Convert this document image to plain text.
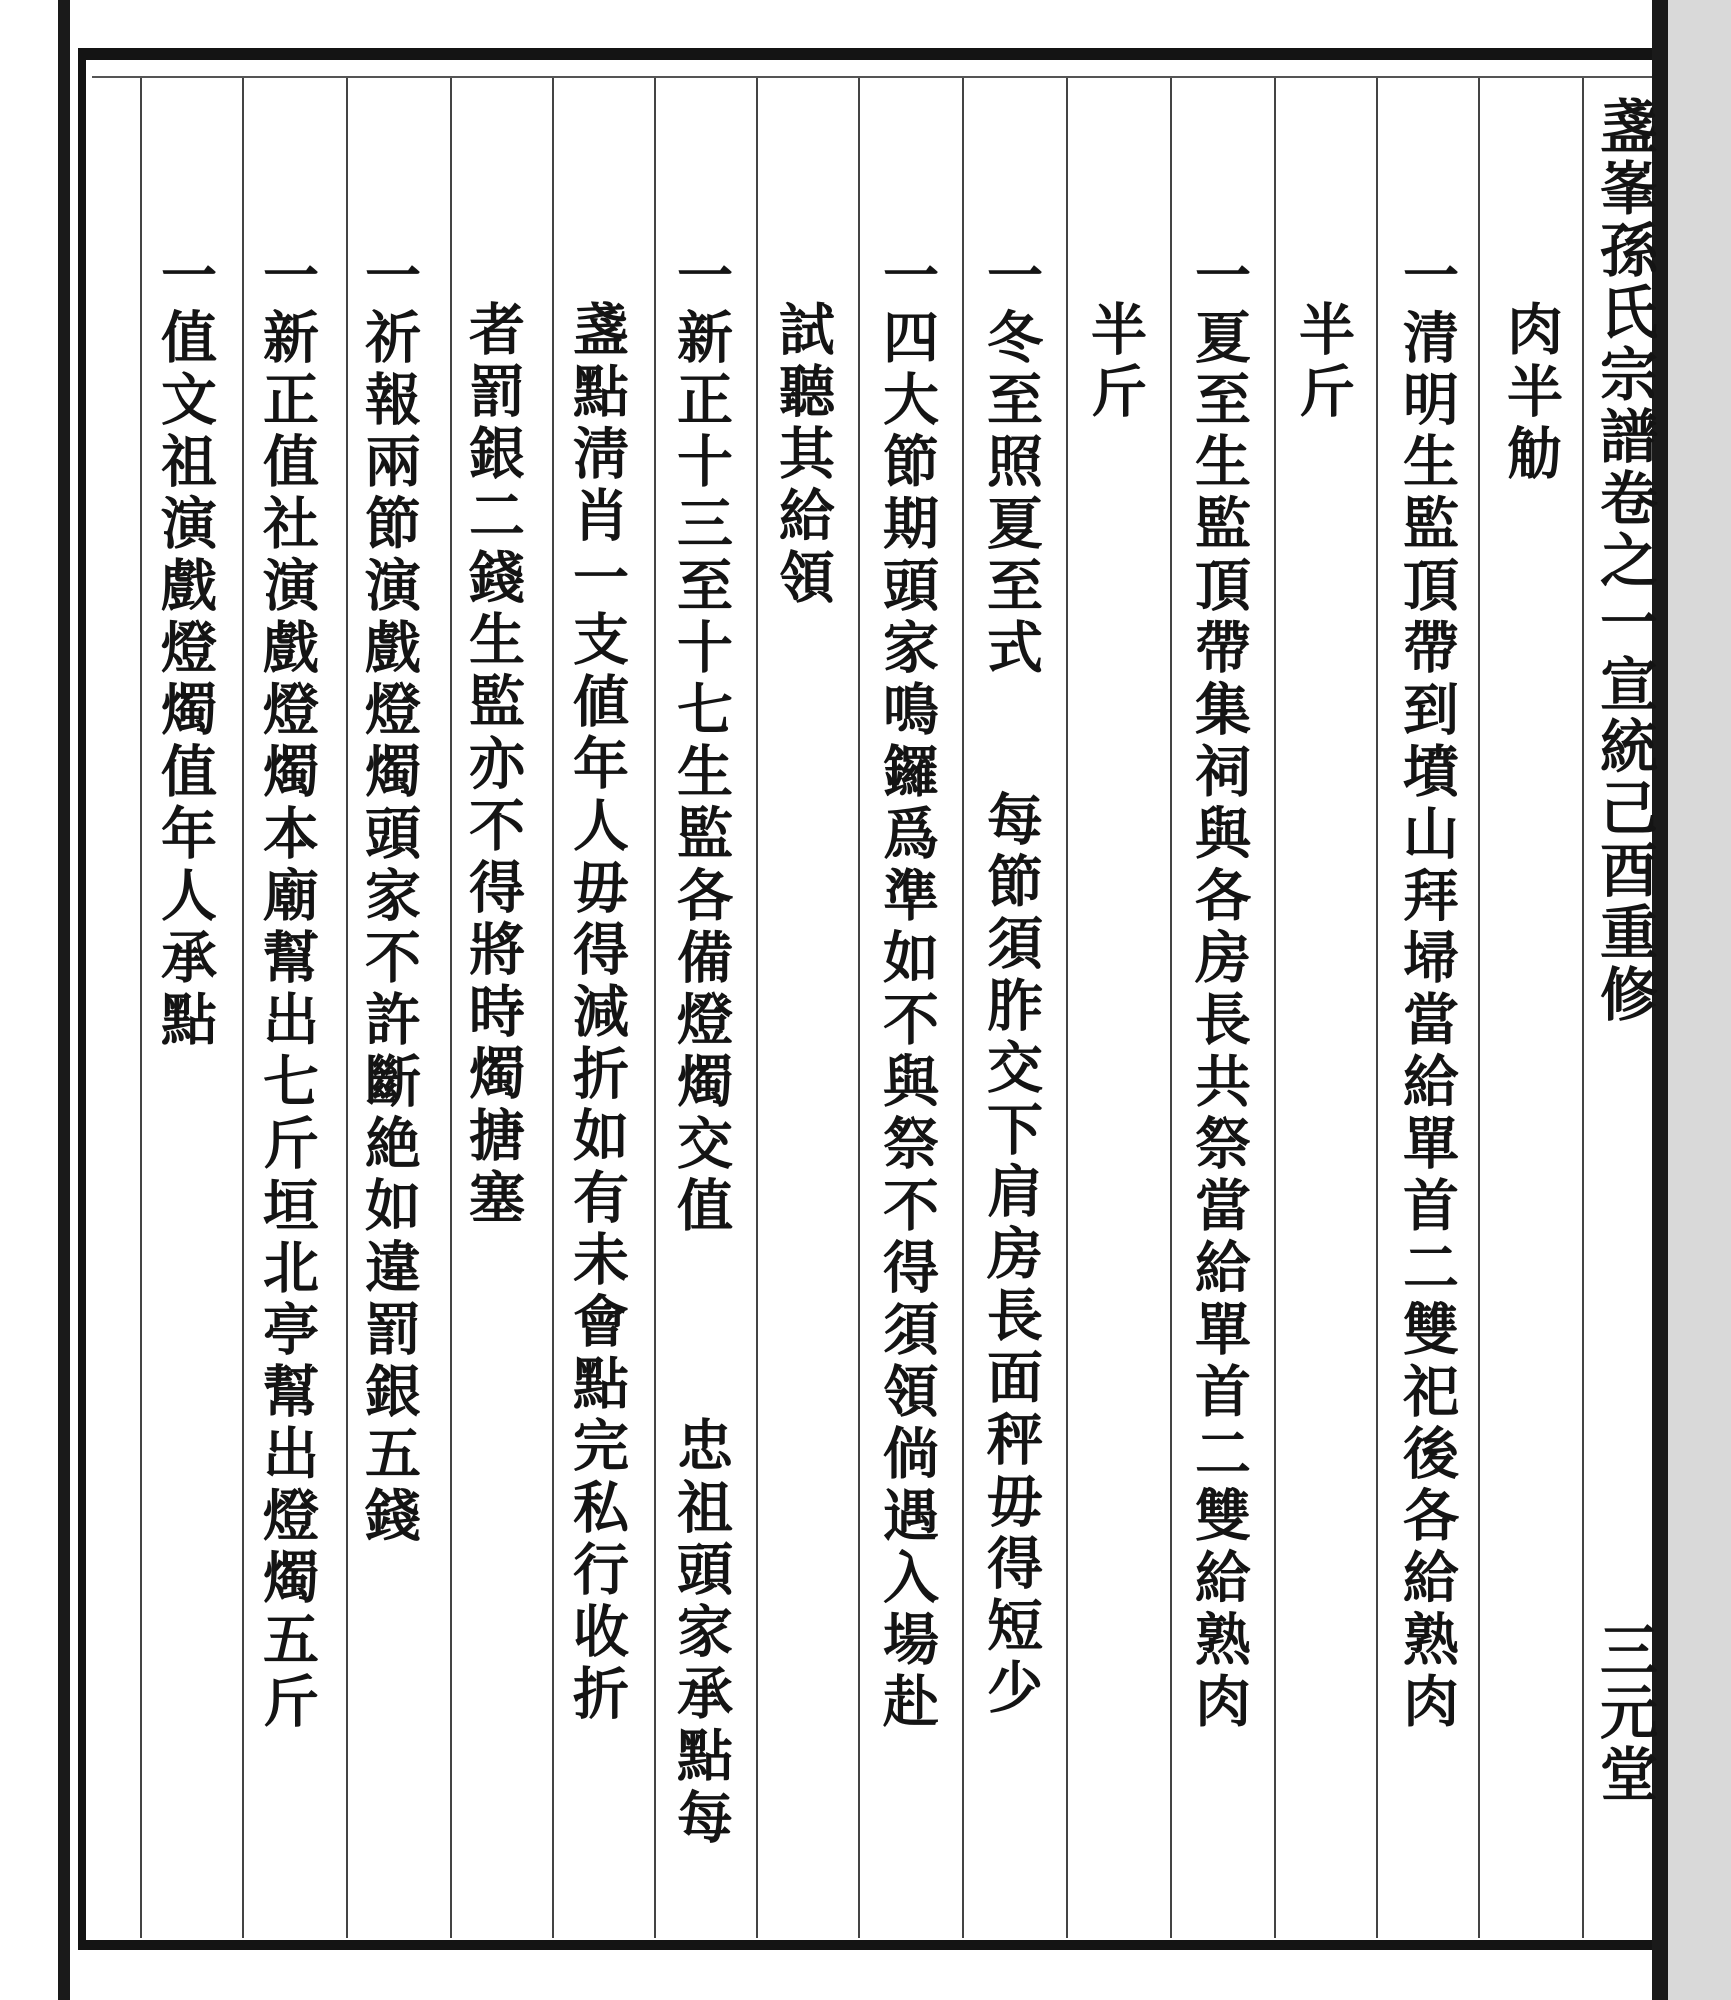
盞峯孫氏宗譜卷之一宣統己酉重修
三元堂
肉半觔
一清明生監頂帶到墳山拜埽當給單首二雙祀後各給熟肉
半斤
一夏至生監頂帶集祠與各房長共祭當給單首二雙給熟肉
半斤
一冬至照夏至式
每節須胙交下肩房長面秤毋得短少
一四大節期頭家鳴鑼爲準如不與祭不得須領倘遇入場赴
試聽其給領
一新正十三至十七生監各備燈燭交值
忠祖頭家承點每
盞點淸肖一支値年人毋得減折如有未會點完私行收折
者罰銀二錢生監亦不得將時燭搪塞
一祈報兩節演戲燈燭頭家不許斷絶如違罰銀五錢
一新正值社演戲燈燭本廟幫出七斤垣北亭幫出燈燭五斤
一值文祖演戲燈燭值年人承點
